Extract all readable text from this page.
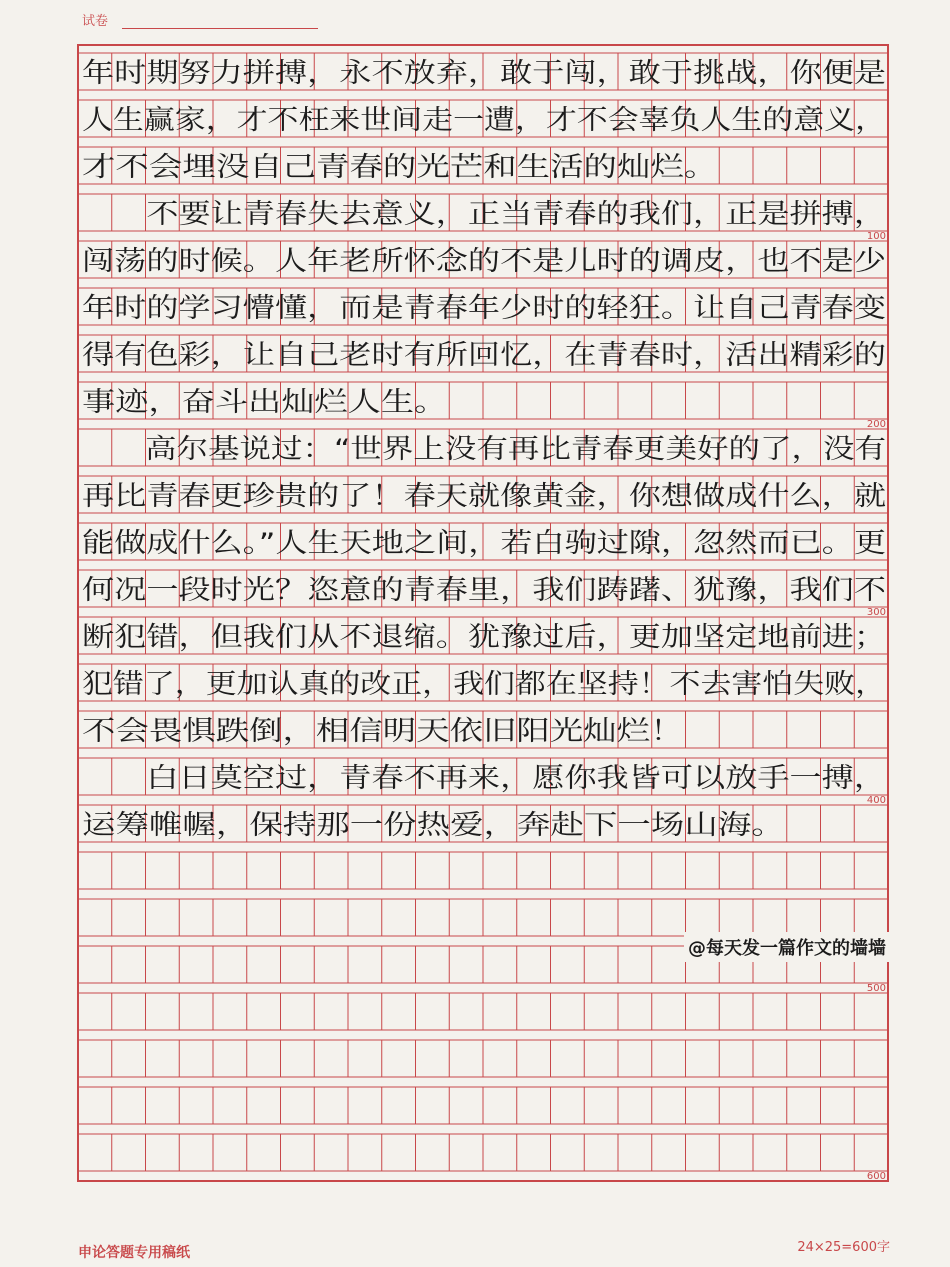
年时期努力拼搏，永不放弃，敢于闯，敢于挑战，你便是
人生赢家，才不枉来世间走一遭，才不会辜负人生的意义，
才不会埋没自己青春的光芒和生活的灿烂。
　　不要让青春失去意义，正当青春的我们，正是拼搏，
100
闯荡的时候。人年老所怀念的不是儿时的调皮，也不是少
年时的学习懵懂，而是青春年少时的轻狂。让自己青春变
得有色彩，让自己老时有所回忆，在青春时，活出精彩的
事迹，奋斗出灿烂人生。
200
　　高尔基说过：“世界上没有再比青春更美好的了，没有
再比青春更珍贵的了！春天就像黄金，你想做成什么，就
能做成什么。”人生天地之间，若白驹过隙，忽然而已。更
何况一段时光？恣意的青春里，我们踌躇、犹豫，我们不
300
断犯错，但我们从不退缩。犹豫过后，更加坚定地前进；
犯错了，更加认真的改正，我们都在坚持！不去害怕失败，
不会畏惧跌倒，相信明天依旧阳光灿烂！
　　白日莫空过，青春不再来，愿你我皆可以放手一搏，
400
运筹帷幄，保持那一份热爱，奔赴下一场山海。
500
600
试卷
@每天发一篇作文的墙墙
申论答题专用稿纸	24×25=600字
